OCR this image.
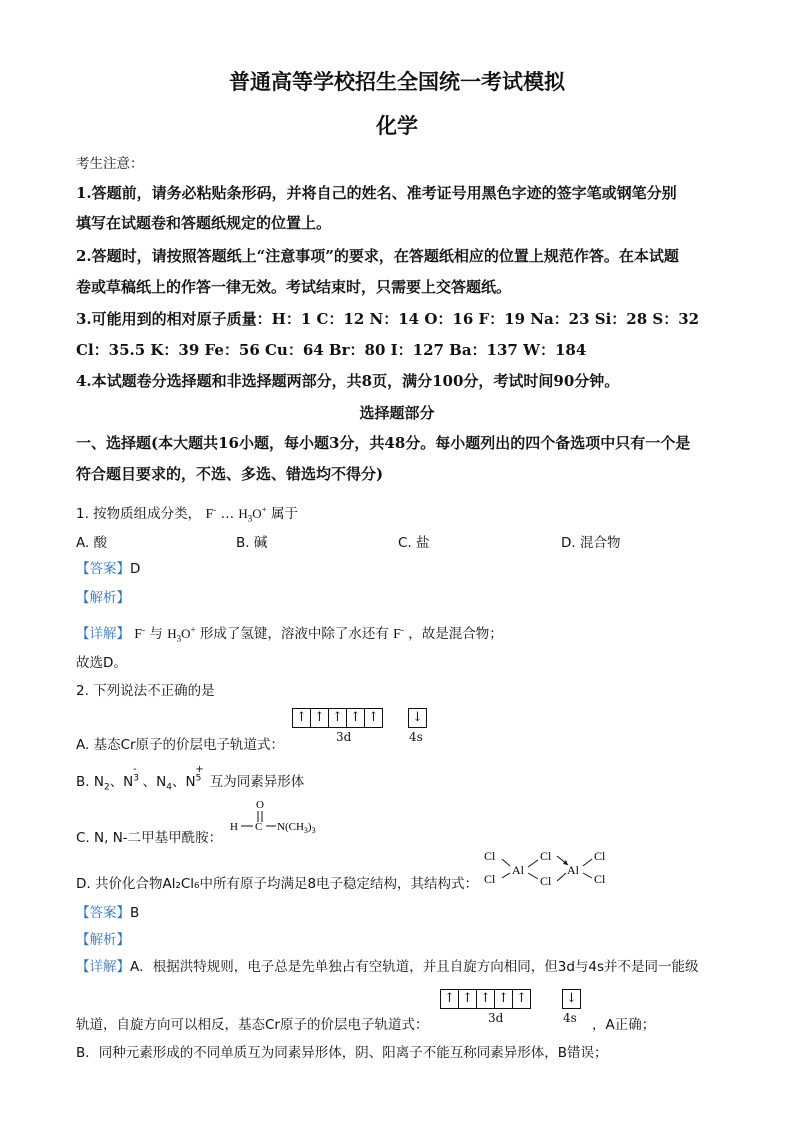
普通高等学校招生全国统一考试模拟
化学
考生注意：
1.答题前，请务必粘贴条形码，并将自己的姓名、准考证号用黑色字迹的签字笔或钢笔分别
填写在试题卷和答题纸规定的位置上。
2.答题时，请按照答题纸上“注意事项”的要求，在答题纸相应的位置上规范作答。在本试题
卷或草稿纸上的作答一律无效。考试结束时，只需要上交答题纸。
3.可能用到的相对原子质量：H：1 C：12 N：14 O：16 F：19 Na：23 Si：28 S：32
Cl：35.5 K：39 Fe：56 Cu：64 Br：80 I：127 Ba：137 W：184
4.本试题卷分选择题和非选择题两部分，共8页，满分100分，考试时间90分钟。
选择题部分
一、选择题(本大题共16小题，每小题3分，共48分。每小题列出的四个备选项中只有一个是
符合题目要求的，不选、多选、错选均不得分)
1. 按物质组成分类， F- … $H_3O^+$ 属于
A. 酸	B. 碱	C. 盐	D. 混合物
【答案】D
【解析】
【详解】 F- 与 $H_3O^+$ 形成了氢键，溶液中除了水还有 F- ，故是混合物；
故选D。
2. 下列说法不正确的是
A. 基态Cr原子的价层电子轨道式：
↑ ↑ ↑ ↑ ↑	↓
3d	4s
B. $N_2$、$N^{3-}$、$N_4$、$N^{5+}$互为同素异形体
C. N, N-二甲基甲酰胺：
O
H C $N(CH_3)_3$
D. 共价化合物Al₂Cl₆中所有原子均满足8电子稳定结构，其结构式：
Cl
Cl
Al
Cl
Cl
Al
Cl
Cl
【答案】B
【解析】
【详解】A．根据洪特规则，电子总是先单独占有空轨道，并且自旋方向相同，但3d与4s并不是同一能级
轨道，自旋方向可以相反，基态Cr原子的价层电子轨道式：
↑ ↑ ↑ ↑ ↑	↓
3d	4s ，A正确；
B．同种元素形成的不同单质互为同素异形体，阴、阳离子不能互称同素异形体，B错误；
